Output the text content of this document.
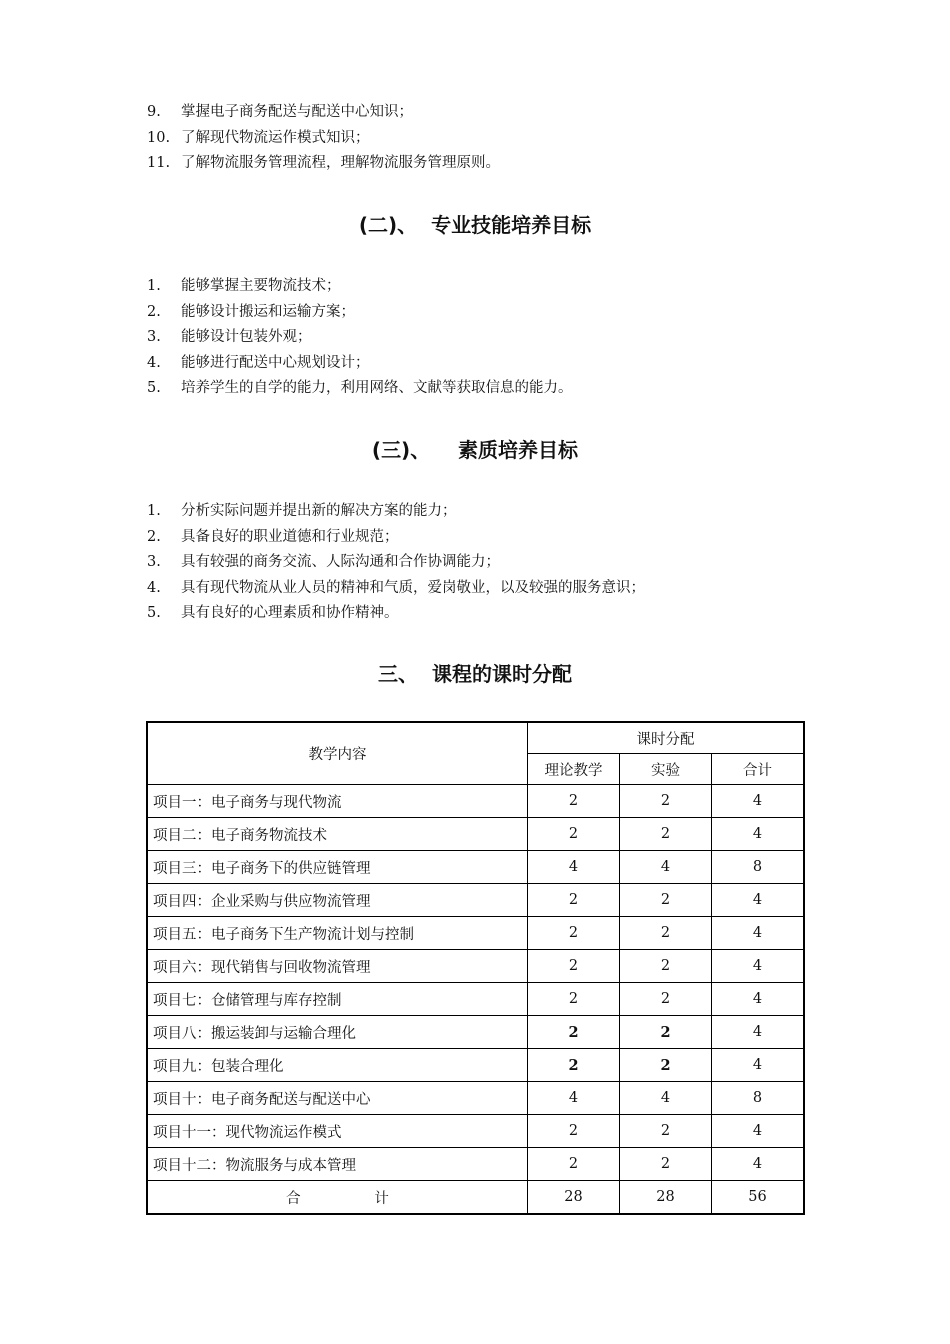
9. 掌握电子商务配送与配送中心知识；
10. 了解现代物流运作模式知识；
11. 了解物流服务管理流程，理解物流服务管理原则。
(二)、  专业技能培养目标
1. 能够掌握主要物流技术；
2. 能够设计搬运和运输方案；
3. 能够设计包装外观；
4. 能够进行配送中心规划设计；
5. 培养学生的自学的能力，利用网络、文献等获取信息的能力。
(三)、    素质培养目标
1. 分析实际问题并提出新的解决方案的能力；
2. 具备良好的职业道德和行业规范；
3. 具有较强的商务交流、人际沟通和合作协调能力；
4. 具有现代物流从业人员的精神和气质，爱岗敬业，以及较强的服务意识；
5. 具有良好的心理素质和协作精神。
三、  课程的课时分配
教学内容	课时分配		
	理论教学	实验	合计
项目一：电子商务与现代物流	2	2	4
项目二：电子商务物流技术	2	2	4
项目三：电子商务下的供应链管理	4	4	8
项目四：企业采购与供应物流管理	2	2	4
项目五：电子商务下生产物流计划与控制	2	2	4
项目六：现代销售与回收物流管理	2	2	4
项目七：仓储管理与库存控制	2	2	4
项目八：搬运装卸与运输合理化	2	2	4
项目九：包装合理化	2	2	4
项目十：电子商务配送与配送中心	4	4	8
项目十一：现代物流运作模式	2	2	4
项目十二：物流服务与成本管理	2	2	4
合                计	28	28	56
